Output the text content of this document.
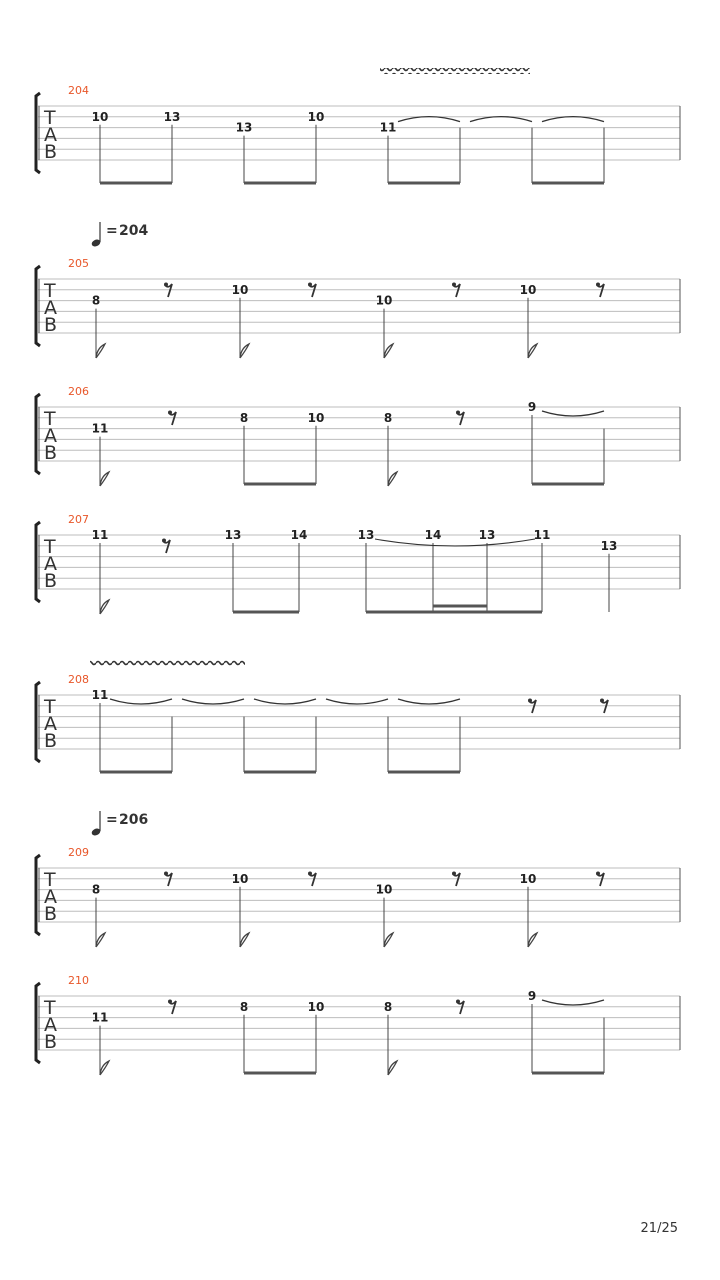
= 204
= 206
204
T
A
B
10	13
13
10
11
205
T
A
B
8
10
10
10
206
T
A
B
11
8	10	8
9
207
T
A
B
11	13	14	13	14	13	11
13
208
T
A
B
11
209
T
A
B
8
10
10
10
210
T
A
B
11
8	10	8
9
21/25
